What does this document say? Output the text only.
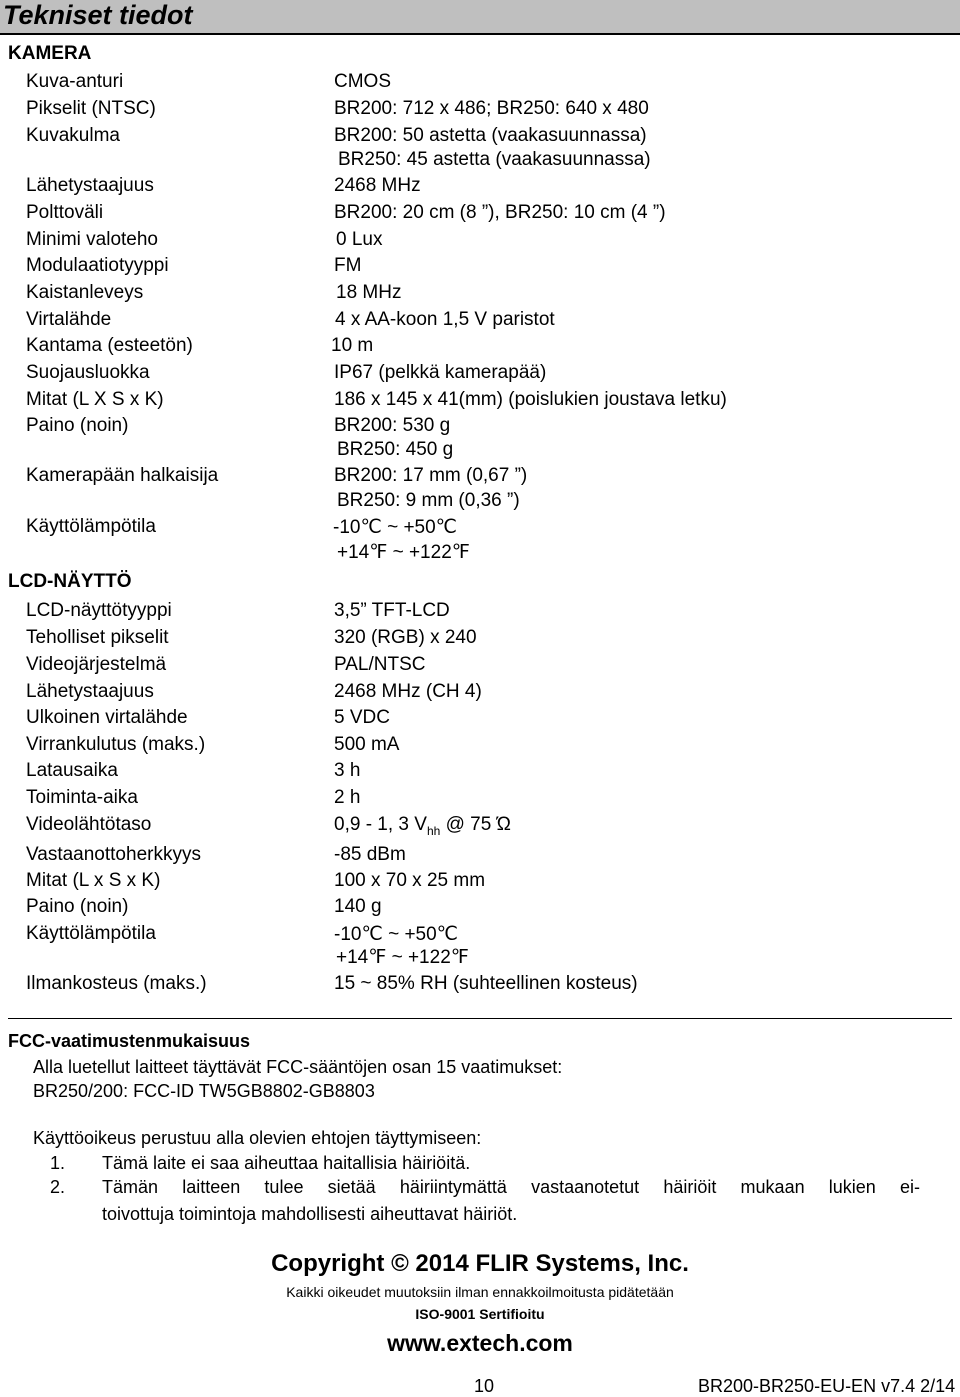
Tekniset tiedot
KAMERA
Kuva-anturi	CMOS
Pikselit (NTSC)	BR200: 712 x 486; BR250: 640 x 480
Kuvakulma	BR200: 50 astetta (vaakasuunnassa)
BR250: 45 astetta (vaakasuunnassa)
Lähetystaajuus	2468 MHz
Polttoväli	BR200: 20 cm (8 ”), BR250: 10 cm (4 ”)
Minimi valoteho	0 Lux
Modulaatiotyyppi	FM
Kaistanleveys	18 MHz
Virtalähde	4 x AA-koon 1,5 V paristot
Kantama (esteetön)	10 m
Suojausluokka	IP67 (pelkkä kamerapää)
Mitat (L X S x K)	186 x 145 x 41(mm) (poislukien joustava letku)
Paino (noin)	BR200: 530 g
BR250: 450 g
Kamerapään halkaisija	BR200: 17 mm (0,67 ”)
BR250: 9 mm (0,36 ”)
Käyttölämpötila	-10℃ ~ +50℃
+14℉ ~ +122℉
LCD-NÄYTTÖ
LCD-näyttötyyppi	3,5” TFT-LCD
Teholliset pikselit	320 (RGB) x 240
Videojärjestelmä	PAL/NTSC
Lähetystaajuus	2468 MHz (CH 4)
Ulkoinen virtalähde	5 VDC
Virrankulutus (maks.)	500 mA
Latausaika	3 h
Toiminta-aika	2 h
Videolähtötaso	0,9 - 1, 3 $V_{hh}$ @ 75 Ώ
Vastaanottoherkkyys	-85 dBm
Mitat (L x S x K)	100 x 70 x 25 mm
Paino (noin)	140 g
Käyttölämpötila	-10℃ ~ +50℃
+14℉ ~ +122℉
Ilmankosteus (maks.)	15 ~ 85% RH (suhteellinen kosteus)
FCC-vaatimustenmukaisuus
Alla luetellut laitteet täyttävät FCC-sääntöjen osan 15 vaatimukset:
BR250/200: FCC-ID TW5GB8802-GB8803
Käyttöoikeus perustuu alla olevien ehtojen täyttymiseen:
1. Tämä laite ei saa aiheuttaa haitallisia häiriöitä.
2. Tämän laitteen tulee sietää häiriintymättä vastaanotetut häiriöit mukaan lukien ei-
toivottuja toimintoja mahdollisesti aiheuttavat häiriöt.
Copyright © 2014 FLIR Systems, Inc.
Kaikki oikeudet muutoksiin ilman ennakkoilmoitusta pidätetään
ISO-9001 Sertifioitu
www.extech.com
10	BR200-BR250-EU-EN v7.4 2/14
